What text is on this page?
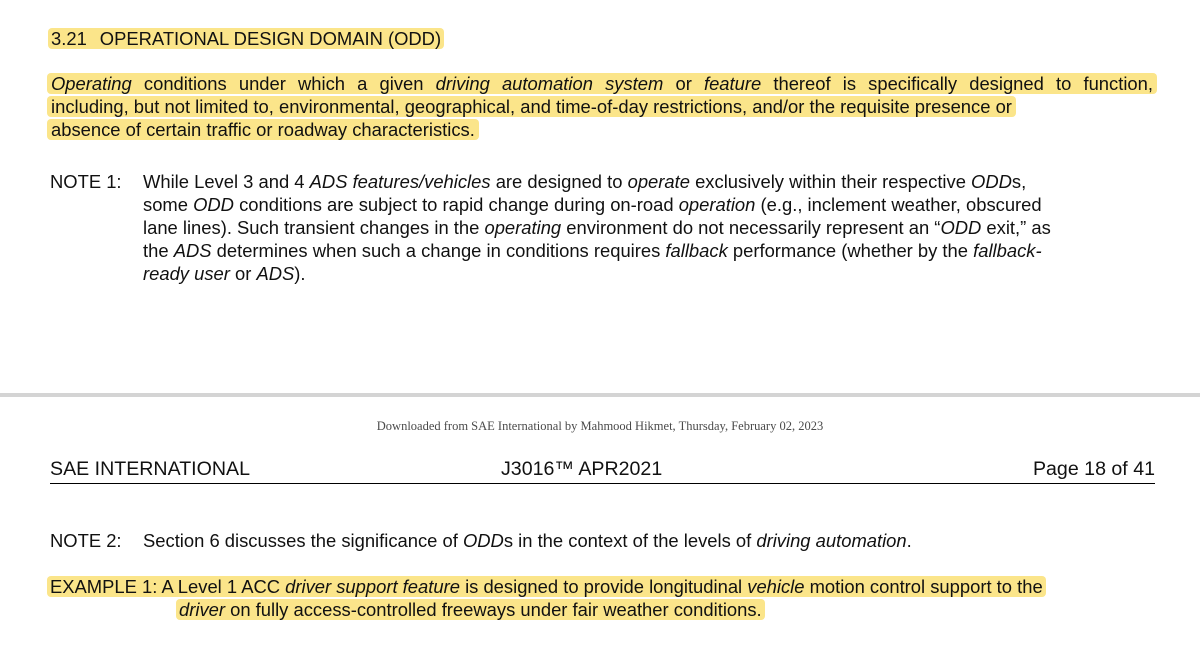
3.21 OPERATIONAL DESIGN DOMAIN (ODD)
Operating conditions under which a given driving automation system or feature thereof is specifically designed to function,
including, but not limited to, environmental, geographical, and time-of-day restrictions, and/or the requisite presence or
absence of certain traffic or roadway characteristics.
NOTE 1: While Level 3 and 4 ADS features/vehicles are designed to operate exclusively within their respective ODDs,
some ODD conditions are subject to rapid change during on-road operation (e.g., inclement weather, obscured
lane lines). Such transient changes in the operating environment do not necessarily represent an “ODD exit,” as
the ADS determines when such a change in conditions requires fallback performance (whether by the fallback-
ready user or ADS).
Downloaded from SAE International by Mahmood Hikmet, Thursday, February 02, 2023
SAE INTERNATIONAL	J3016™ APR2021	Page 18 of 41
NOTE 2: Section 6 discusses the significance of ODDs in the context of the levels of driving automation.
EXAMPLE 1: A Level 1 ACC driver support feature is designed to provide longitudinal vehicle motion control support to the
driver on fully access-controlled freeways under fair weather conditions.
